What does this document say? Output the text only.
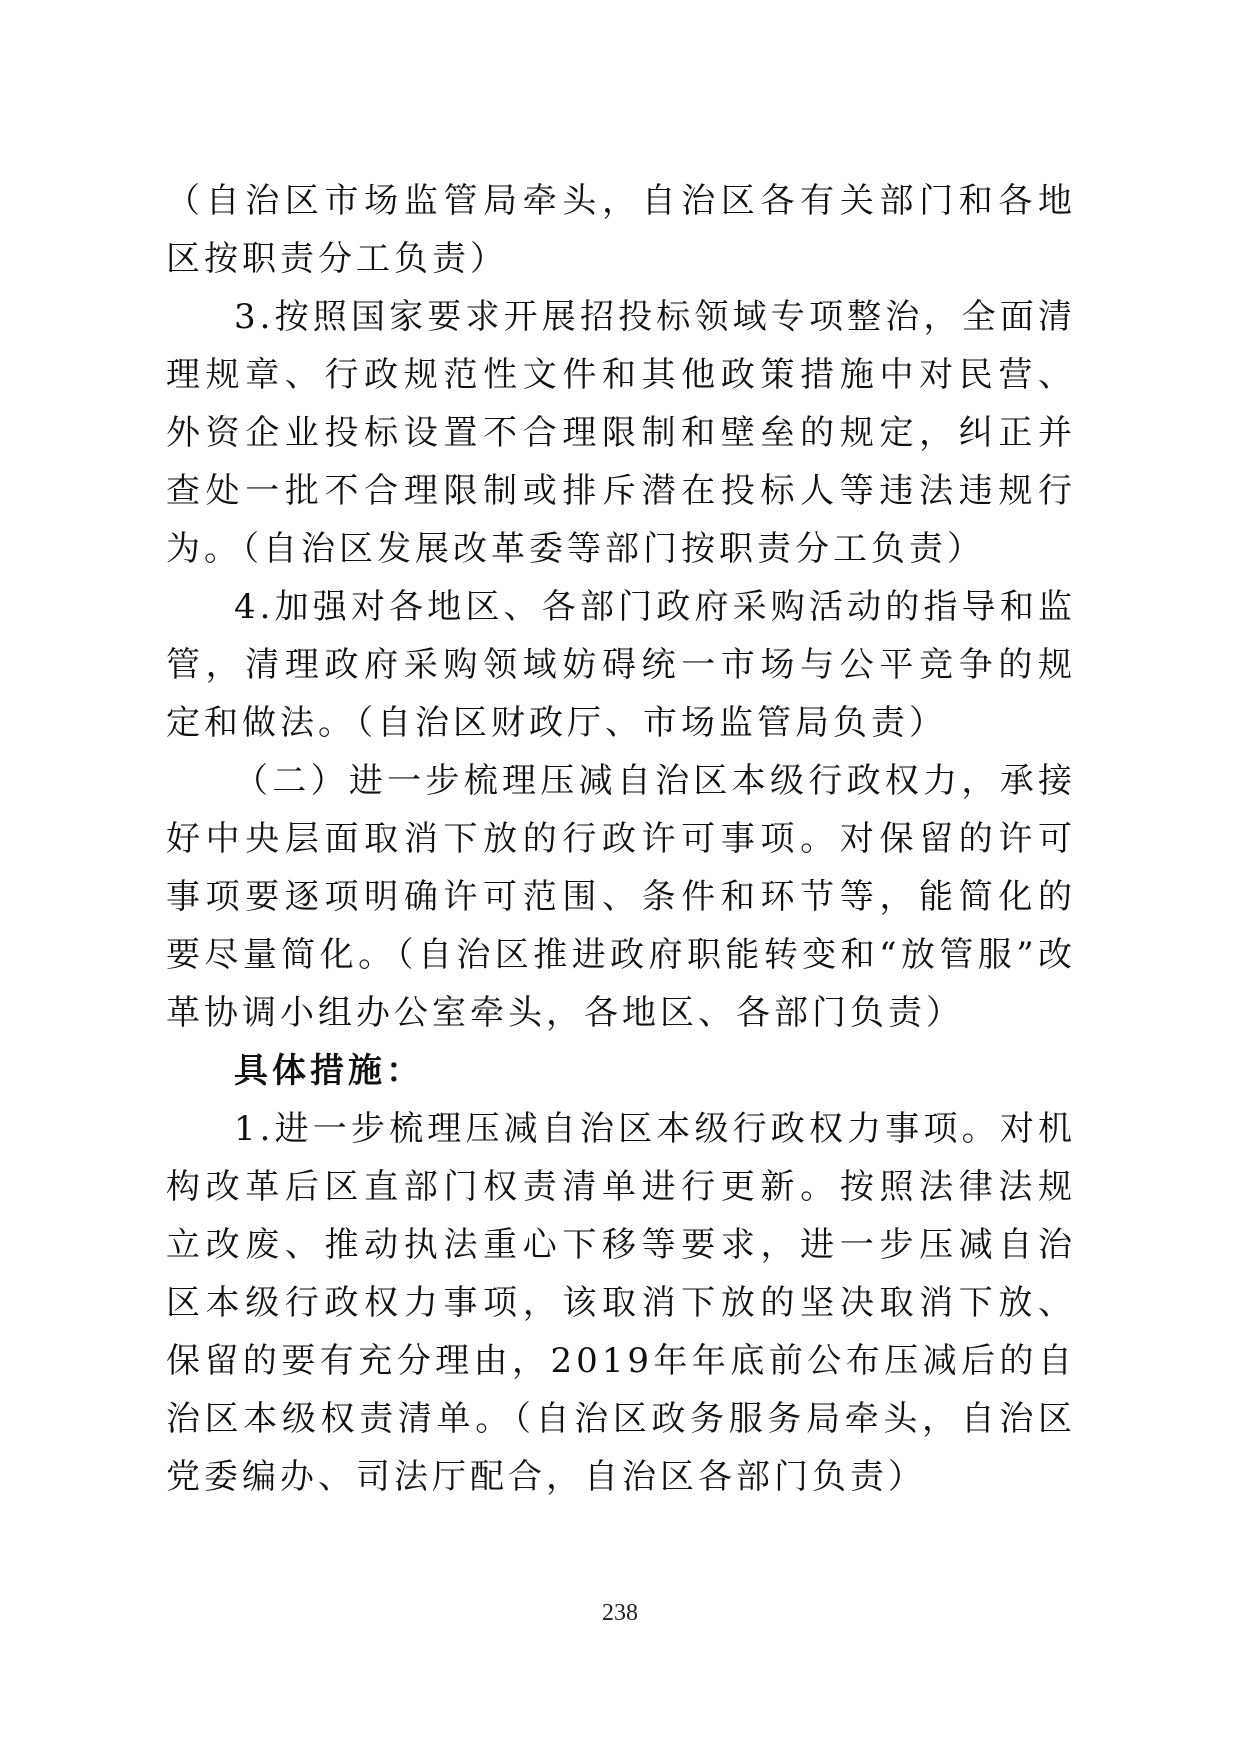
（自治区市场监管局牵头，自治区各有关部门和各地区按职责分工负责）

3.按照国家要求开展招投标领域专项整治，全面清理规章、行政规范性文件和其他政策措施中对民营、外资企业投标设置不合理限制和壁垒的规定，纠正并查处一批不合理限制或排斥潜在投标人等违法违规行为。（自治区发展改革委等部门按职责分工负责）

4.加强对各地区、各部门政府采购活动的指导和监管，清理政府采购领域妨碍统一市场与公平竞争的规定和做法。（自治区财政厅、市场监管局负责）

（二）进一步梳理压减自治区本级行政权力，承接好中央层面取消下放的行政许可事项。对保留的许可事项要逐项明确许可范围、条件和环节等，能简化的要尽量简化。（自治区推进政府职能转变和“放管服”改革协调小组办公室牵头，各地区、各部门负责）

具体措施：

1.进一步梳理压减自治区本级行政权力事项。对机构改革后区直部门权责清单进行更新。按照法律法规立改废、推动执法重心下移等要求，进一步压减自治区本级行政权力事项，该取消下放的坚决取消下放、保留的要有充分理由，2019年年底前公布压减后的自治区本级权责清单。（自治区政务服务局牵头，自治区党委编办、司法厅配合，自治区各部门负责）

238
